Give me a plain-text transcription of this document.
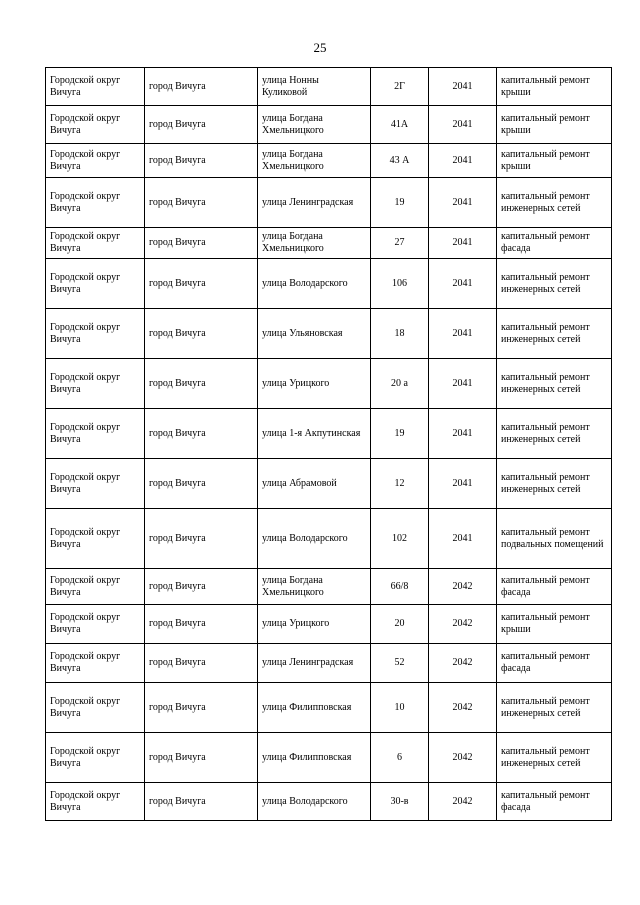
25
Городской округ Вичуга	город Вичуга	улица Нонны Куликовой	2Г	2041	капитальный ремонт крыши
Городской округ Вичуга	город Вичуга	улица Богдана Хмельницкого	41А	2041	капитальный ремонт крыши
Городской округ Вичуга	город Вичуга	улица Богдана Хмельницкого	43 А	2041	капитальный ремонт крыши
Городской округ Вичуга	город Вичуга	улица Ленинградская	19	2041	капитальный ремонт инженерных сетей
Городской округ Вичуга	город Вичуга	улица Богдана Хмельницкого	27	2041	капитальный ремонт фасада
Городской округ Вичуга	город Вичуга	улица Володарского	106	2041	капитальный ремонт инженерных сетей
Городской округ Вичуга	город Вичуга	улица Ульяновская	18	2041	капитальный ремонт инженерных сетей
Городской округ Вичуга	город Вичуга	улица Урицкого	20 а	2041	капитальный ремонт инженерных сетей
Городской округ Вичуга	город Вичуга	улица 1-я Акпутинская	19	2041	капитальный ремонт инженерных сетей
Городской округ Вичуга	город Вичуга	улица Абрамовой	12	2041	капитальный ремонт инженерных сетей
Городской округ Вичуга	город Вичуга	улица Володарского	102	2041	капитальный ремонт подвальных помещений
Городской округ Вичуга	город Вичуга	улица Богдана Хмельницкого	66/8	2042	капитальный ремонт фасада
Городской округ Вичуга	город Вичуга	улица Урицкого	20	2042	капитальный ремонт крыши
Городской округ Вичуга	город Вичуга	улица Ленинградская	52	2042	капитальный ремонт фасада
Городской округ Вичуга	город Вичуга	улица Филипповская	10	2042	капитальный ремонт инженерных сетей
Городской округ Вичуга	город Вичуга	улица Филипповская	6	2042	капитальный ремонт инженерных сетей
Городской округ Вичуга	город Вичуга	улица Володарского	30-в	2042	капитальный ремонт фасада
